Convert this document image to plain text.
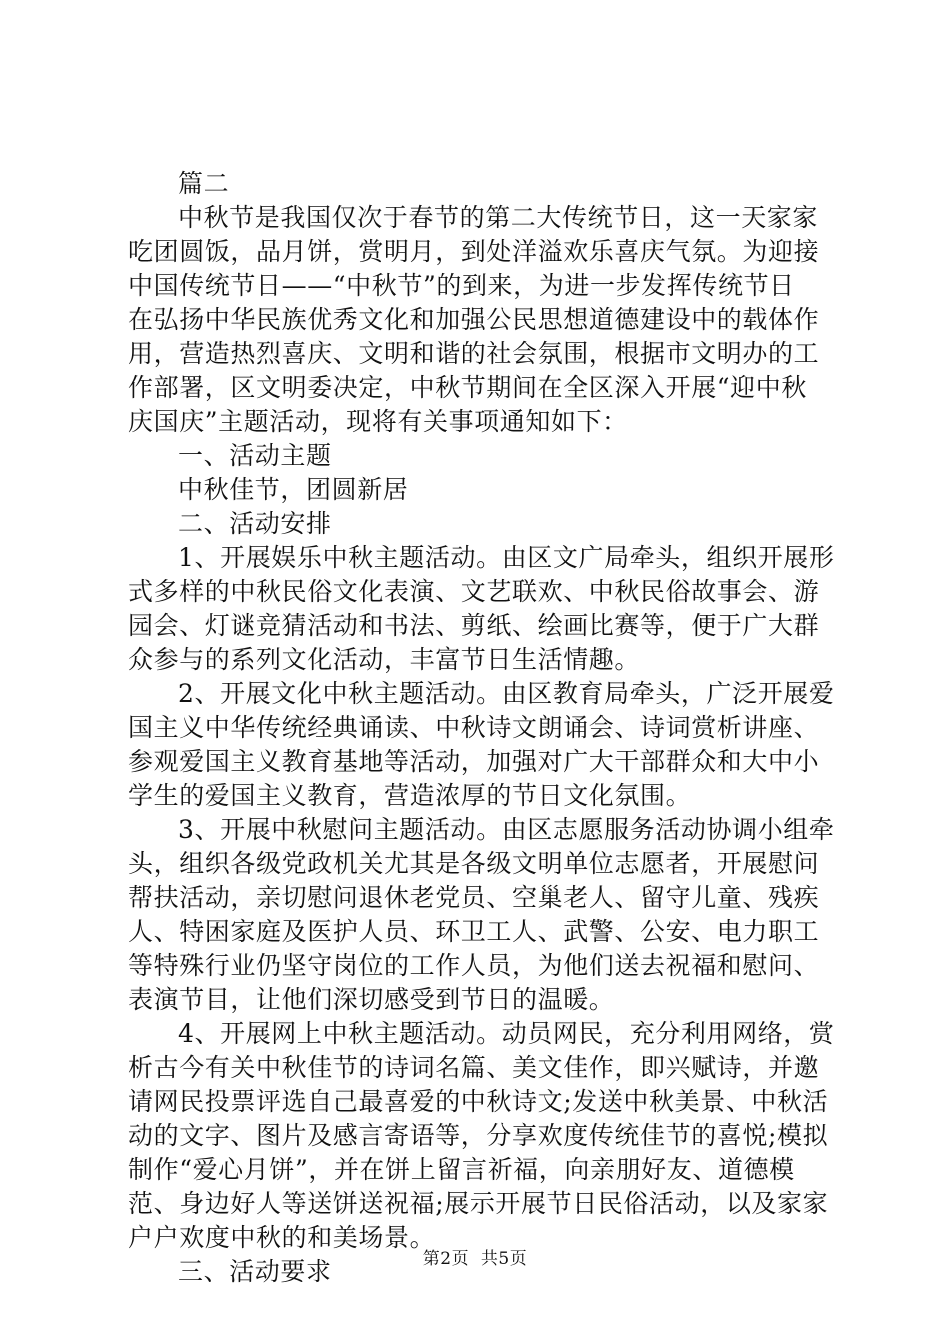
篇二
中秋节是我国仅次于春节的第二大传统节日，这一天家家
吃团圆饭，品月饼，赏明月，到处洋溢欢乐喜庆气氛。为迎接
中国传统节日——“中秋节”的到来，为进一步发挥传统节日
在弘扬中华民族优秀文化和加强公民思想道德建设中的载体作
用，营造热烈喜庆、文明和谐的社会氛围，根据市文明办的工
作部署，区文明委决定，中秋节期间在全区深入开展“迎中秋
庆国庆”主题活动，现将有关事项通知如下：
一、活动主题
中秋佳节，团圆新居
二、活动安排
1、开展娱乐中秋主题活动。由区文广局牵头，组织开展形
式多样的中秋民俗文化表演、文艺联欢、中秋民俗故事会、游
园会、灯谜竞猜活动和书法、剪纸、绘画比赛等，便于广大群
众参与的系列文化活动，丰富节日生活情趣。
2、开展文化中秋主题活动。由区教育局牵头，广泛开展爱
国主义中华传统经典诵读、中秋诗文朗诵会、诗词赏析讲座、
参观爱国主义教育基地等活动，加强对广大干部群众和大中小
学生的爱国主义教育，营造浓厚的节日文化氛围。
3、开展中秋慰问主题活动。由区志愿服务活动协调小组牵
头，组织各级党政机关尤其是各级文明单位志愿者，开展慰问
帮扶活动，亲切慰问退休老党员、空巢老人、留守儿童、残疾
人、特困家庭及医护人员、环卫工人、武警、公安、电力职工
等特殊行业仍坚守岗位的工作人员，为他们送去祝福和慰问、
表演节目，让他们深切感受到节日的温暖。
4、开展网上中秋主题活动。动员网民，充分利用网络，赏
析古今有关中秋佳节的诗词名篇、美文佳作，即兴赋诗，并邀
请网民投票评选自己最喜爱的中秋诗文;发送中秋美景、中秋活
动的文字、图片及感言寄语等，分享欢度传统佳节的喜悦;模拟
制作“爱心月饼”，并在饼上留言祈福，向亲朋好友、道德模
范、身边好人等送饼送祝福;展示开展节日民俗活动，以及家家
户户欢度中秋的和美场景。
三、活动要求	第2页  共5页
